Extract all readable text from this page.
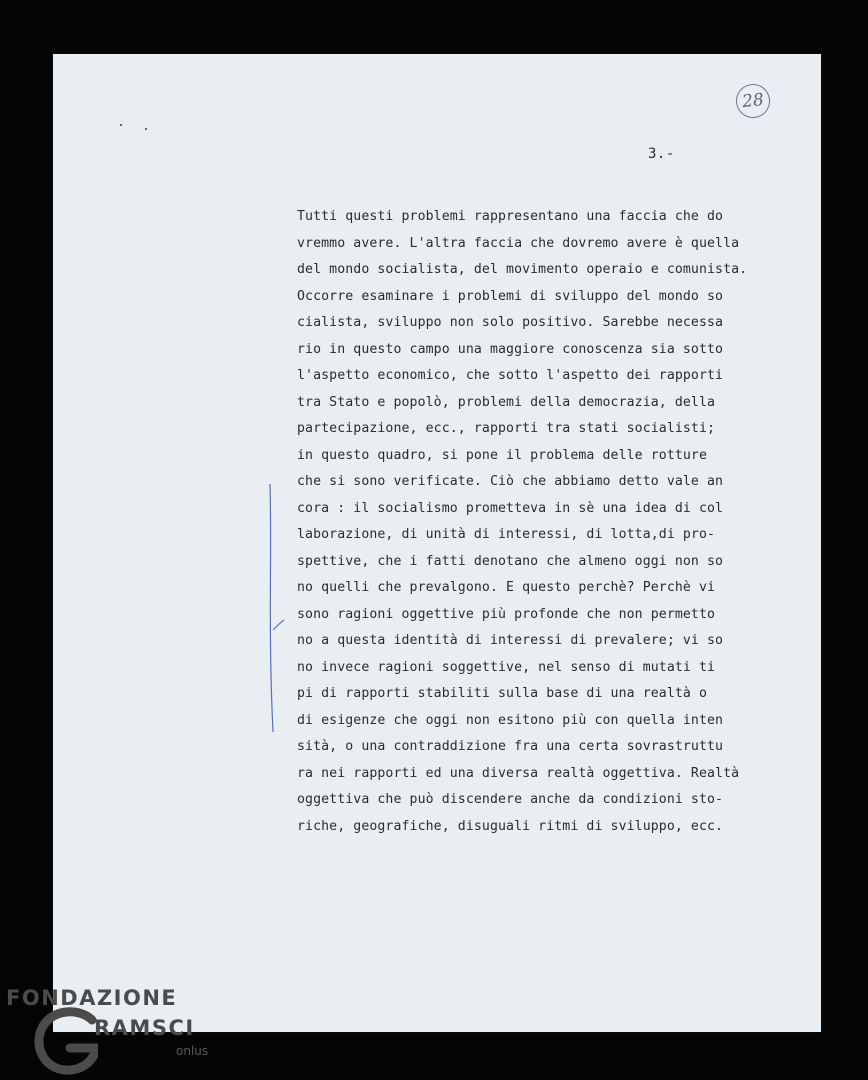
28
3.-
Tutti questi problemi rappresentano una faccia che do
vremmo avere. L'altra faccia che dovremo avere è quella
del mondo socialista, del movimento operaio e comunista.
Occorre esaminare i problemi di sviluppo del mondo so
cialista, sviluppo non solo positivo. Sarebbe necessa
rio in questo campo una maggiore conoscenza sia sotto
l'aspetto economico, che sotto l'aspetto dei rapporti
tra Stato e popolò, problemi della democrazia, della
partecipazione, ecc., rapporti tra stati socialisti;
in questo quadro, si pone il problema delle rotture
che si sono verificate. Ciò che abbiamo detto vale an
cora : il socialismo prometteva in sè una idea di col
laborazione, di unità di interessi, di lotta,di pro-
spettive, che i fatti denotano che almeno oggi non so
no quelli che prevalgono. E questo perchè? Perchè vi
sono ragioni oggettive più profonde che non permetto
no a questa identità di interessi di prevalere; vi so
no invece ragioni soggettive, nel senso di mutati ti
pi di rapporti stabiliti sulla base di una realtà o
di esigenze che oggi non esitono più con quella inten
sità, o una contraddizione fra una certa sovrastruttu
ra nei rapporti ed una diversa realtà oggettiva. Realtà
oggettiva che può discendere anche da condizioni sto-
riche, geografiche, disuguali ritmi di sviluppo, ecc.
FONDAZIONE
RAMSCI
onlus
